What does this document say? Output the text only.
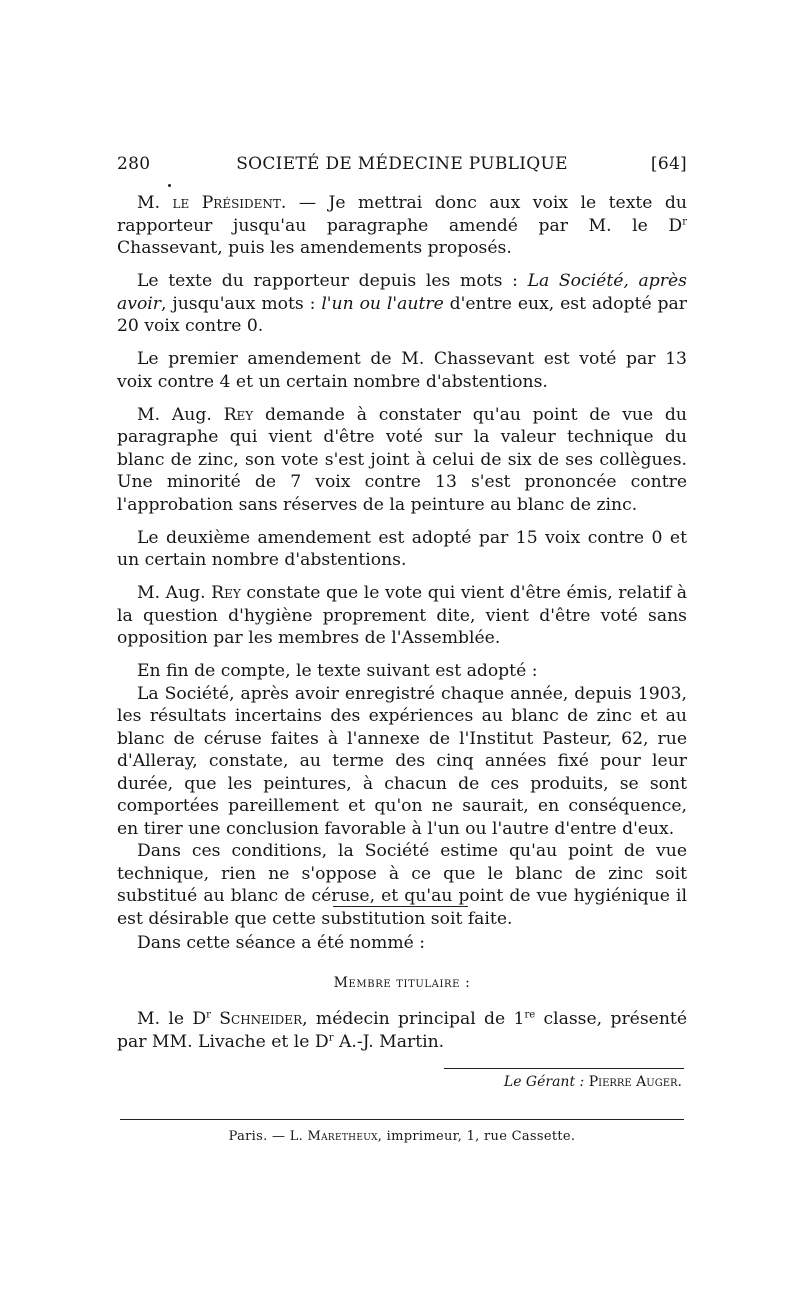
280	SOCIETÉ DE MÉDECINE PUBLIQUE	[64]

M. le Président. — Je mettrai donc aux voix le texte du rapporteur jusqu'au paragraphe amendé par M. le $D^r$ Chassevant, puis les amendements proposés.

Le texte du rapporteur depuis les mots : La Société, après avoir, jusqu'aux mots : l'un ou l'autre d'entre eux, est adopté par 20 voix contre 0.

Le premier amendement de M. Chassevant est voté par 13 voix contre 4 et un certain nombre d'abstentions.

M. Aug. Rey demande à constater qu'au point de vue du paragraphe qui vient d'être voté sur la valeur technique du blanc de zinc, son vote s'est joint à celui de six de ses collègues. Une minorité de 7 voix contre 13 s'est prononcée contre l'approbation sans réserves de la peinture au blanc de zinc.

Le deuxième amendement est adopté par 15 voix contre 0 et un certain nombre d'abstentions.

M. Aug. Rey constate que le vote qui vient d'être émis, relatif à la question d'hygiène proprement dite, vient d'être voté sans opposition par les membres de l'Assemblée.

En fin de compte, le texte suivant est adopté :

La Société, après avoir enregistré chaque année, depuis 1903, les résultats incertains des expériences au blanc de zinc et au blanc de céruse faites à l'annexe de l'Institut Pasteur, 62, rue d'Alleray, constate, au terme des cinq années fixé pour leur durée, que les peintures, à chacun de ces produits, se sont comportées pareillement et qu'on ne saurait, en conséquence, en tirer une conclusion favorable à l'un ou l'autre d'entre d'eux.

Dans ces conditions, la Société estime qu'au point de vue technique, rien ne s'oppose à ce que le blanc de zinc soit substitué au blanc de céruse, et qu'au point de vue hygiénique il est désirable que cette substitution soit faite.

Dans cette séance a été nommé :
Membre titulaire :
M. le $D^r$ Schneider, médecin principal de 1re classe, présenté par MM. Livache et le $D^r$ A.-J. Martin.
Le Gérant : Pierre Auger.
Paris. — L. Maretheux, imprimeur, 1, rue Cassette.
